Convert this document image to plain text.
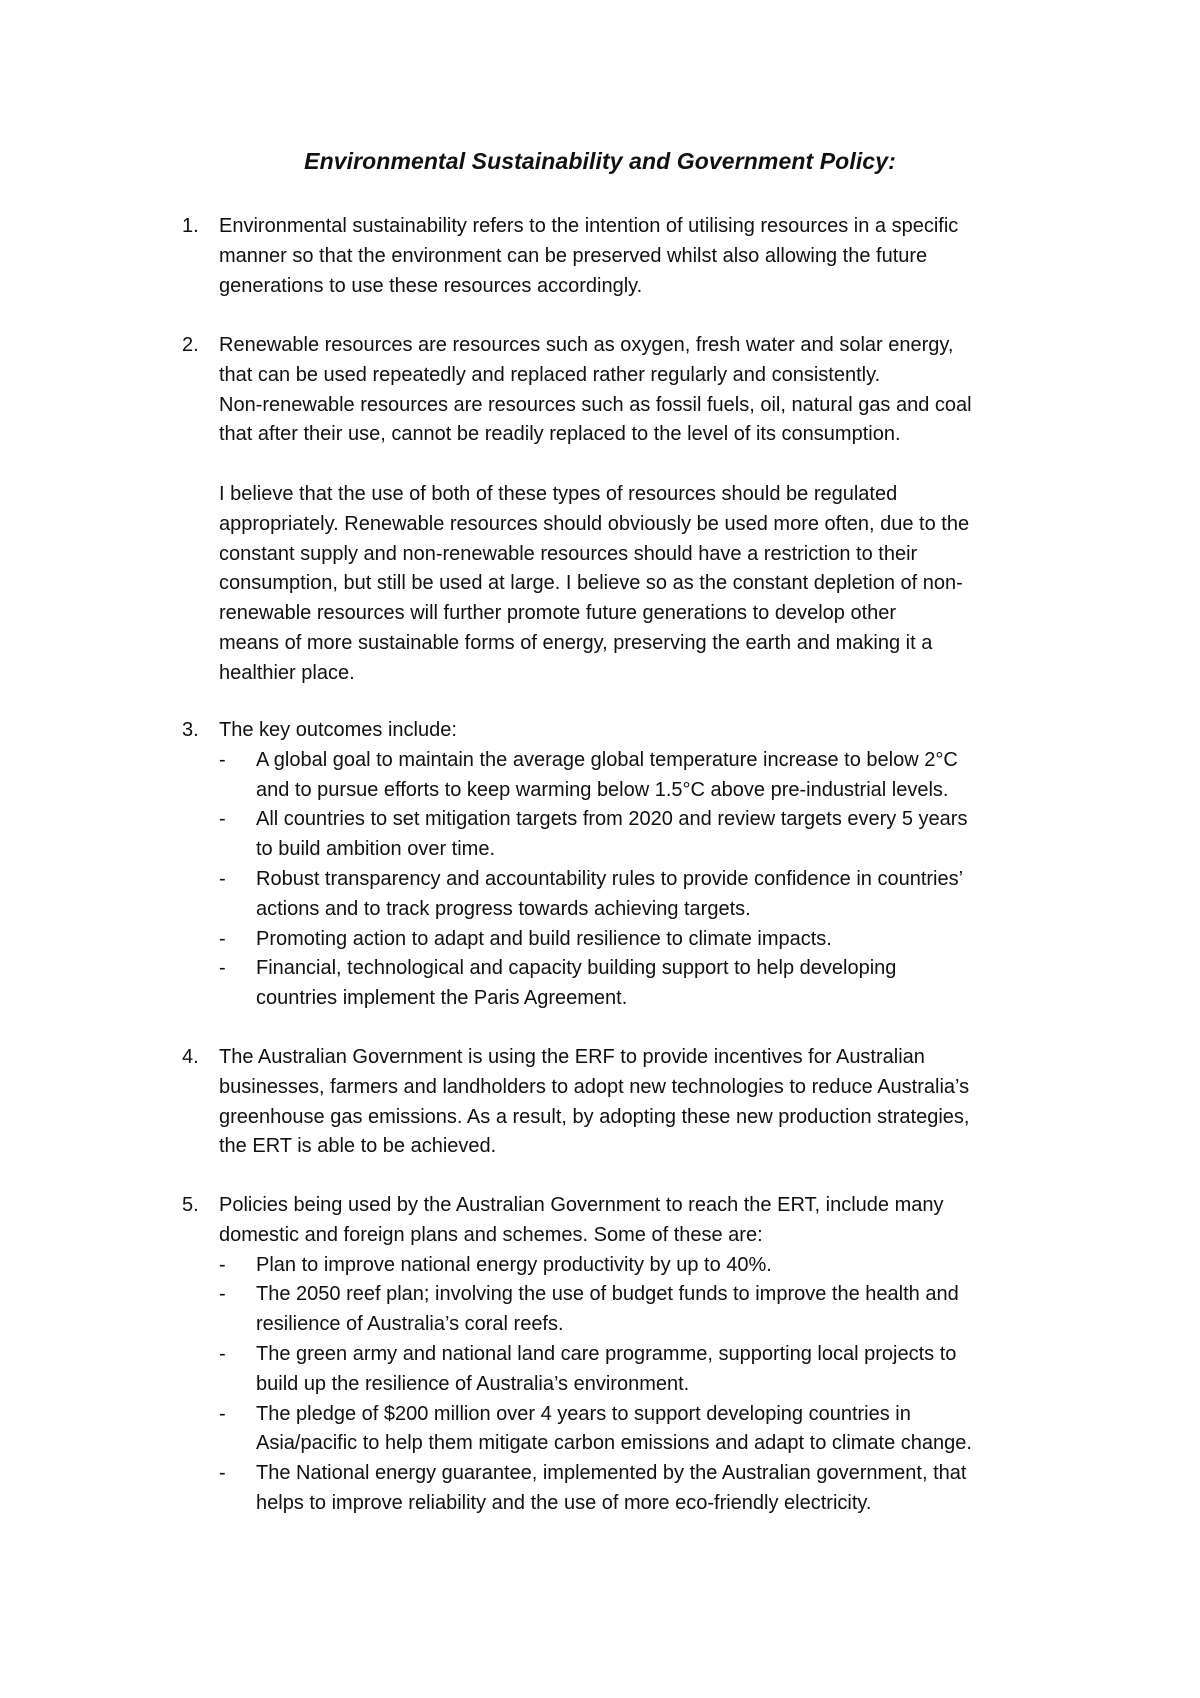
Environmental Sustainability and Government Policy:
1.	Environmental sustainability refers to the intention of utilising resources in a specific
manner so that the environment can be preserved whilst also allowing the future
generations to use these resources accordingly.
2.	Renewable resources are resources such as oxygen, fresh water and solar energy,
that can be used repeatedly and replaced rather regularly and consistently.
Non-renewable resources are resources such as fossil fuels, oil, natural gas and coal
that after their use, cannot be readily replaced to the level of its consumption.
I believe that the use of both of these types of resources should be regulated
appropriately. Renewable resources should obviously be used more often, due to the
constant supply and non-renewable resources should have a restriction to their
consumption, but still be used at large. I believe so as the constant depletion of non-
renewable resources will further promote future generations to develop other
means of more sustainable forms of energy, preserving the earth and making it a
healthier place.
3.	The key outcomes include:
-	A global goal to maintain the average global temperature increase to below 2°C
and to pursue efforts to keep warming below 1.5°C above pre-industrial levels.
-	All countries to set mitigation targets from 2020 and review targets every 5 years
to build ambition over time.
-	Robust transparency and accountability rules to provide confidence in countries’
actions and to track progress towards achieving targets.
-	Promoting action to adapt and build resilience to climate impacts.
-	Financial, technological and capacity building support to help developing
countries implement the Paris Agreement.
4.	The Australian Government is using the ERF to provide incentives for Australian
businesses, farmers and landholders to adopt new technologies to reduce Australia’s
greenhouse gas emissions. As a result, by adopting these new production strategies,
the ERT is able to be achieved.
5.	Policies being used by the Australian Government to reach the ERT, include many
domestic and foreign plans and schemes. Some of these are:
-	Plan to improve national energy productivity by up to 40%.
-	The 2050 reef plan; involving the use of budget funds to improve the health and
resilience of Australia’s coral reefs.
-	The green army and national land care programme, supporting local projects to
build up the resilience of Australia’s environment.
-	The pledge of $200 million over 4 years to support developing countries in
Asia/pacific to help them mitigate carbon emissions and adapt to climate change.
-	The National energy guarantee, implemented by the Australian government, that
helps to improve reliability and the use of more eco-friendly electricity.
